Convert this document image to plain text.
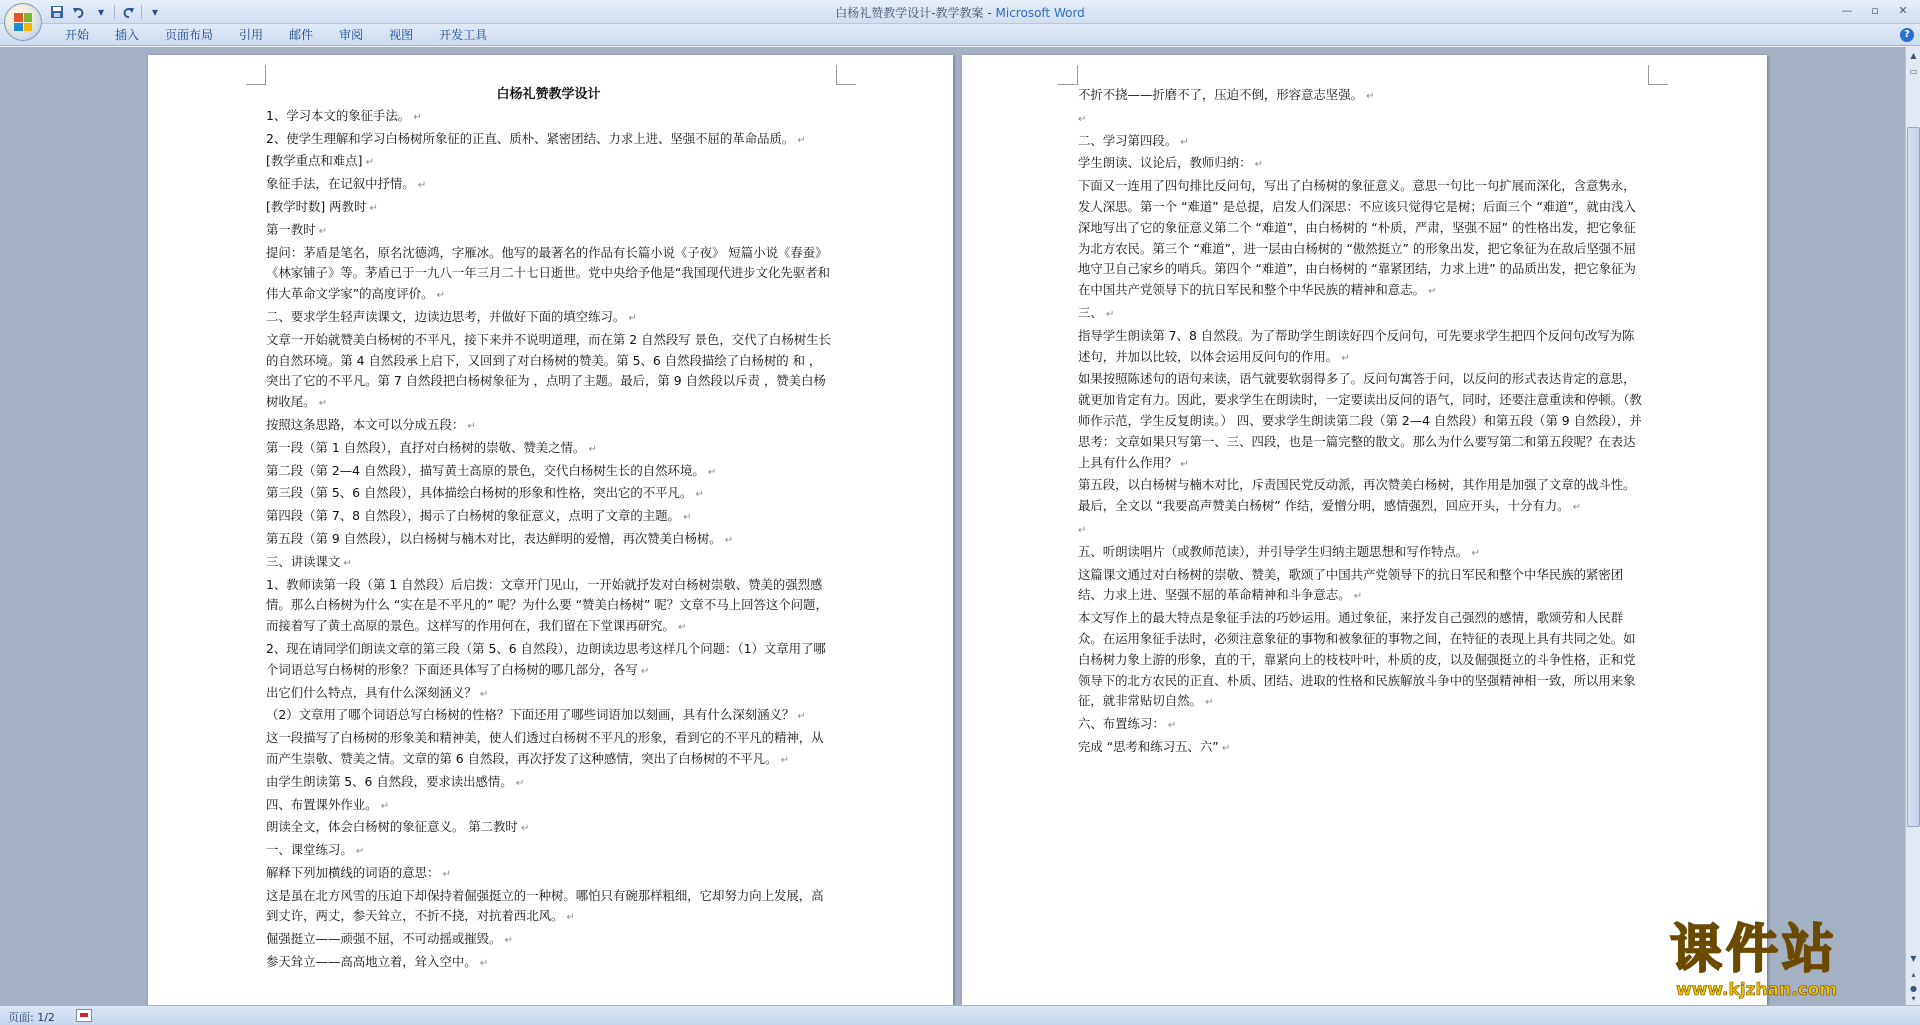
▾	▾	白杨礼赞教学设计-教学教案 - Microsoft Word	—	▫	✕
开始	插入	页面布局	引用	邮件	审阅	视图	开发工具	?

白杨礼赞教学设计

1、学习本文的象征手法。 ↵

2、使学生理解和学习白杨树所象征的正直、质朴、紧密团结、力求上进、坚强不屈的革命品质。 ↵

[教学重点和难点] ↵

象征手法，在记叙中抒情。 ↵

[教学时数] 两教时 ↵

第一教时 ↵

提问：茅盾是笔名，原名沈德鸿，字雁冰。他写的最著名的作品有长篇小说《子夜》 短篇小说《春蚕》《林家铺子》等。茅盾已于一九八一年三月二十七日逝世。党中央给予他是“我国现代进步文化先驱者和伟大革命文学家”的高度评价。 ↵

二、要求学生轻声读课文，边读边思考，并做好下面的填空练习。 ↵

文章一开始就赞美白杨树的不平凡，接下来并不说明道理，而在第 2 自然段写 景色，交代了白杨树生长的自然环境。第 4 自然段承上启下，又回到了对白杨树的赞美。第 5、6 自然段描绘了白杨树的 和 ，突出了它的不平凡。第 7 自然段把白杨树象征为 ，点明了主题。最后，第 9 自然段以斥责 ，赞美白杨树收尾。 ↵

按照这条思路，本文可以分成五段： ↵

第一段（第 1 自然段），直抒对白杨树的崇敬、赞美之情。 ↵

第二段（第 2—4 自然段），描写黄土高原的景色，交代白杨树生长的自然环境。 ↵

第三段（第 5、6 自然段），具体描绘白杨树的形象和性格，突出它的不平凡。 ↵

第四段（第 7、8 自然段），揭示了白杨树的象征意义，点明了文章的主题。 ↵

第五段（第 9 自然段），以白杨树与楠木对比，表达鲜明的爱憎，再次赞美白杨树。 ↵

三、讲读课文 ↵

1、教师读第一段（第 1 自然段）后启拨：文章开门见山，一开始就抒发对白杨树崇敬、赞美的强烈感情。那么白杨树为什么 “实在是不平凡的” 呢？为什么要 “赞美白杨树” 呢？文章不马上回答这个问题，而接着写了黄土高原的景色。这样写的作用何在，我们留在下堂课再研究。 ↵

2、现在请同学们朗读文章的第三段（第 5、6 自然段），边朗读边思考这样几个问题：（1）文章用了哪个词语总写白杨树的形象？下面还具体写了白杨树的哪几部分，各写 ↵

出它们什么特点，具有什么深刻涵义？ ↵

（2）文章用了哪个词语总写白杨树的性格？下面还用了哪些词语加以刻画，具有什么深刻涵义？ ↵

这一段描写了白杨树的形象美和精神美，使人们透过白杨树不平凡的形象，看到它的不平凡的精神，从而产生崇敬、赞美之情。文章的第 6 自然段，再次抒发了这种感情，突出了白杨树的不平凡。 ↵

由学生朗读第 5、6 自然段，要求读出感情。 ↵

四、布置课外作业。 ↵

朗读全文，体会白杨树的象征意义。 第二教时 ↵

一、课堂练习。 ↵

解释下列加横线的词语的意思： ↵

这是虽在北方风雪的压迫下却保持着倔强挺立的一种树。哪怕只有碗那样粗细，它却努力向上发展，高到丈许，两丈，参天耸立，不折不挠，对抗着西北风。 ↵

倔强挺立——顽强不屈，不可动摇或摧毁。 ↵

参天耸立——高高地立着，耸入空中。 ↵

不折不挠——折磨不了，压迫不倒，形容意志坚强。 ↵

↵

二、学习第四段。 ↵

学生朗读、议论后，教师归纳： ↵

下面又一连用了四句排比反问句，写出了白杨树的象征意义。意思一句比一句扩展而深化，含意隽永，发人深思。第一个 “难道” 是总提，启发人们深思：不应该只觉得它是树；后面三个 “难道”，就由浅入深地写出了它的象征意义第二个 “难道”，由白杨树的 “朴质，严肃，坚强不屈” 的性格出发，把它象征为北方农民。第三个 “难道”，进一层由白杨树的 “傲然挺立” 的形象出发，把它象征为在敌后坚强不屈地守卫自己家乡的哨兵。第四个 “难道”，由白杨树的 “靠紧团结，力求上进” 的品质出发，把它象征为在中国共产党领导下的抗日军民和整个中华民族的精神和意志。 ↵

三、 ↵

指导学生朗读第 7、8 自然段。为了帮助学生朗读好四个反问句，可先要求学生把四个反问句改写为陈述句，并加以比较，以体会运用反问句的作用。 ↵

如果按照陈述句的语句来读，语气就要软弱得多了。反问句寓答于问，以反问的形式表达肯定的意思，就更加肯定有力。因此，要求学生在朗读时，一定要读出反问的语气，同时，还要注意重读和停顿。（教师作示范，学生反复朗读。） 四、要求学生朗读第二段（第 2—4 自然段）和第五段（第 9 自然段），并思考：文章如果只写第一、三、四段，也是一篇完整的散文。那么为什么要写第二和第五段呢？在表达上具有什么作用？ ↵

第五段，以白杨树与楠木对比，斥责国民党反动派，再次赞美白杨树，其作用是加强了文章的战斗性。最后，全文以 “我要高声赞美白杨树” 作结，爱憎分明，感情强烈，回应开头，十分有力。 ↵

↵

五、听朗读唱片（或教师范读），并引导学生归纳主题思想和写作特点。 ↵

这篇课文通过对白杨树的崇敬、赞美，歌颂了中国共产党领导下的抗日军民和整个中华民族的紧密团结、力求上进、坚强不屈的革命精神和斗争意志。 ↵

本文写作上的最大特点是象征手法的巧妙运用。通过象征，来抒发自己强烈的感情，歌颂劳和人民群众。在运用象征手法时，必须注意象征的事物和被象征的事物之间，在特征的表现上具有共同之处。如白杨树力象上游的形象，直的干，靠紧向上的枝枝叶叶，朴质的皮，以及倔强挺立的斗争性格，正和党领导下的北方农民的正直、朴质、团结、进取的性格和民族解放斗争中的坚强精神相一致，所以用来象征，就非常贴切自然。 ↵

六、布置练习： ↵

完成 “思考和练习五、六” ↵

▲
▭
▼
▴
●
▾
页面: 1/2
课件站
www.kjzhan.com
